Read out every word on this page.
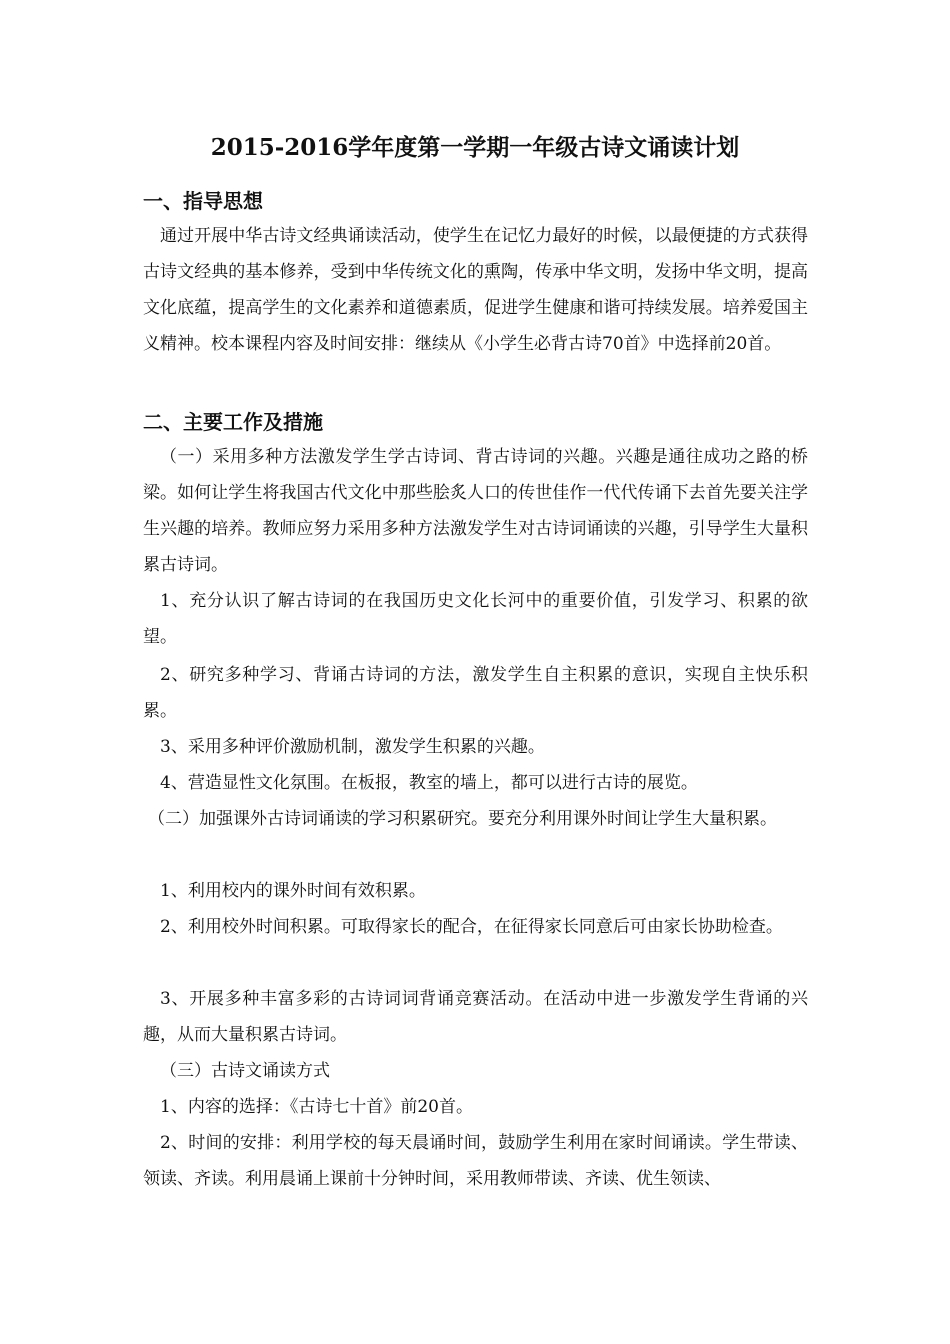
2015-2016学年度第一学期一年级古诗文诵读计划
一、指导思想
通过开展中华古诗文经典诵读活动，使学生在记忆力最好的时候，以最便捷的方式获得古诗文经典的基本修养，受到中华传统文化的熏陶，传承中华文明，发扬中华文明，提高文化底蕴，提高学生的文化素养和道德素质，促进学生健康和谐可持续发展。培养爱国主义精神。校本课程内容及时间安排：继续从《小学生必背古诗70首》中选择前20首。
二、主要工作及措施
（一）采用多种方法激发学生学古诗词、背古诗词的兴趣。兴趣是通往成功之路的桥梁。如何让学生将我国古代文化中那些脍炙人口的传世佳作一代代传诵下去首先要关注学生兴趣的培养。教师应努力采用多种方法激发学生对古诗词诵读的兴趣，引导学生大量积累古诗词。
1、充分认识了解古诗词的在我国历史文化长河中的重要价值，引发学习、积累的欲望。
2、研究多种学习、背诵古诗词的方法，激发学生自主积累的意识，实现自主快乐积累。
3、采用多种评价激励机制，激发学生积累的兴趣。
4、营造显性文化氛围。在板报，教室的墙上，都可以进行古诗的展览。
（二）加强课外古诗词诵读的学习积累研究。要充分利用课外时间让学生大量积累。
1、利用校内的课外时间有效积累。
2、利用校外时间积累。可取得家长的配合，在征得家长同意后可由家长协助检查。
3、开展多种丰富多彩的古诗词词背诵竞赛活动。在活动中进一步激发学生背诵的兴趣，从而大量积累古诗词。
（三）古诗文诵读方式
1、内容的选择：《古诗七十首》前20首。
2、时间的安排：利用学校的每天晨诵时间，鼓励学生利用在家时间诵读。学生带读、领读、齐读。利用晨诵上课前十分钟时间，采用教师带读、齐读、优生领读、
